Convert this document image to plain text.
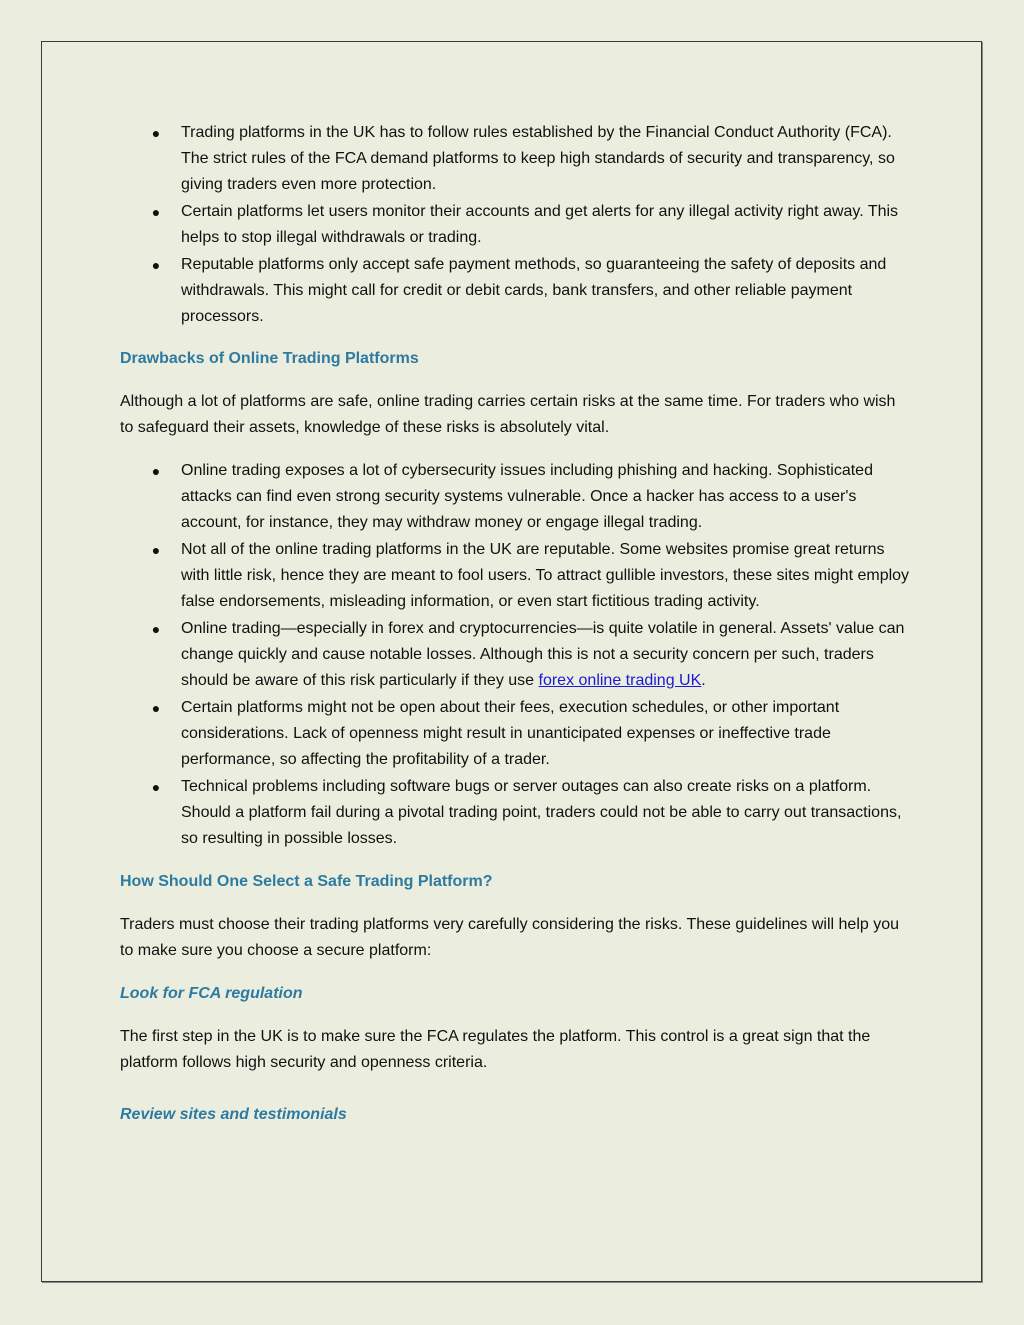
● Trading platforms in the UK has to follow rules established by the Financial Conduct Authority (FCA). The strict rules of the FCA demand platforms to keep high standards of security and transparency, so giving traders even more protection.
● Certain platforms let users monitor their accounts and get alerts for any illegal activity right away. This helps to stop illegal withdrawals or trading.
● Reputable platforms only accept safe payment methods, so guaranteeing the safety of deposits and withdrawals. This might call for credit or debit cards, bank transfers, and other reliable payment processors.
Drawbacks of Online Trading Platforms

Although a lot of platforms are safe, online trading carries certain risks at the same time. For traders who wish to safeguard their assets, knowledge of these risks is absolutely vital.

● Online trading exposes a lot of cybersecurity issues including phishing and hacking. Sophisticated attacks can find even strong security systems vulnerable. Once a hacker has access to a user's account, for instance, they may withdraw money or engage illegal trading.
● Not all of the online trading platforms in the UK are reputable. Some websites promise great returns with little risk, hence they are meant to fool users. To attract gullible investors, these sites might employ false endorsements, misleading information, or even start fictitious trading activity.
● Online trading—especially in forex and cryptocurrencies—is quite volatile in general. Assets' value can change quickly and cause notable losses. Although this is not a security concern per such, traders should be aware of this risk particularly if they use forex online trading UK.
● Certain platforms might not be open about their fees, execution schedules, or other important considerations. Lack of openness might result in unanticipated expenses or ineffective trade performance, so affecting the profitability of a trader.
● Technical problems including software bugs or server outages can also create risks on a platform. Should a platform fail during a pivotal trading point, traders could not be able to carry out transactions, so resulting in possible losses.
How Should One Select a Safe Trading Platform?

Traders must choose their trading platforms very carefully considering the risks. These guidelines will help you to make sure you choose a secure platform:

Look for FCA regulation

The first step in the UK is to make sure the FCA regulates the platform. This control is a great sign that the platform follows high security and openness criteria.

Review sites and testimonials
